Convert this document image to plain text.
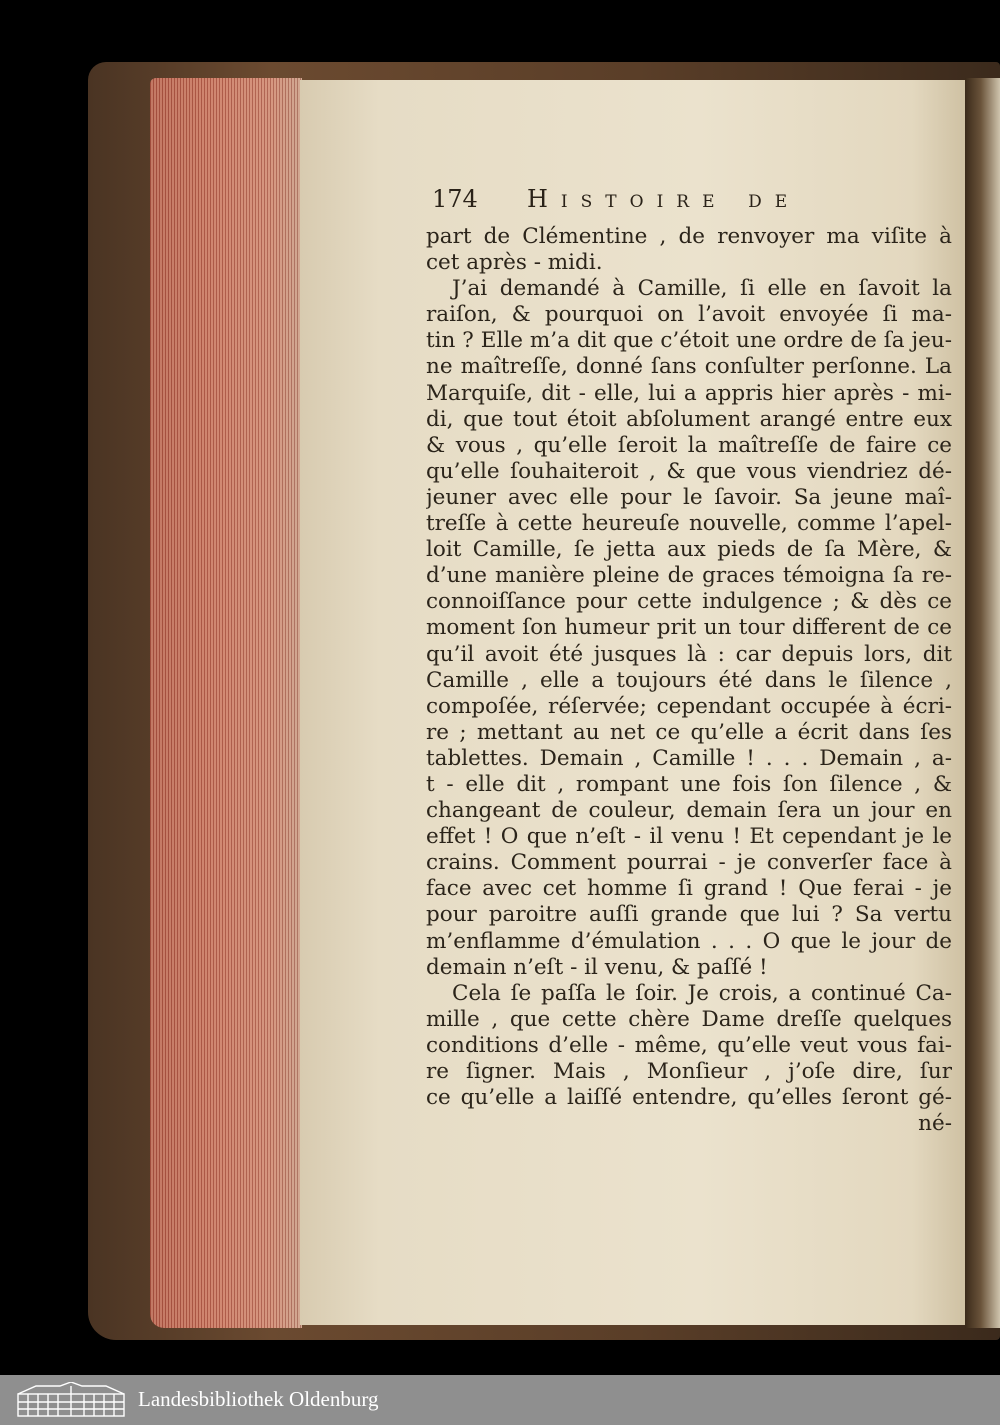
174 Histoire de
part de Clémentine , de renvoyer ma viſite à
cet après - midi.
J’ai demandé à Camille, ſi elle en ſavoit la
raiſon, & pourquoi on l’avoit envoyée ſi ma-
tin ? Elle m’a dit que c’étoit une ordre de ſa jeu-
ne maîtreſſe, donné ſans conſulter perſonne. La
Marquiſe, dit - elle, lui a appris hier après - mi-
di, que tout étoit abſolument arangé entre eux
& vous , qu’elle ſeroit la maîtreſſe de faire ce
qu’elle ſouhaiteroit , & que vous viendriez dé-
jeuner avec elle pour le ſavoir. Sa jeune maî-
treſſe à cette heureuſe nouvelle, comme l’apel-
loit Camille, ſe jetta aux pieds de ſa Mère, &
d’une manière pleine de graces témoigna ſa re-
connoiſſance pour cette indulgence ; & dès ce
moment ſon humeur prit un tour different de ce
qu’il avoit été jusques là : car depuis lors, dit
Camille , elle a toujours été dans le ſilence ,
compoſée, réſervée; cependant occupée à écri-
re ; mettant au net ce qu’elle a écrit dans ſes
tablettes. Demain , Camille ! . . . Demain , a-
t - elle dit , rompant une fois ſon ſilence , &
changeant de couleur, demain ſera un jour en
effet ! O que n’eſt - il venu ! Et cependant je le
crains. Comment pourrai - je converſer face à
face avec cet homme ſi grand ! Que ferai - je
pour paroitre auſſi grande que lui ? Sa vertu
m’enflamme d’émulation . . . O que le jour de
demain n’eſt - il venu, & paſſé !
Cela ſe paſſa le ſoir. Je crois, a continué Ca-
mille , que cette chère Dame dreſſe quelques
conditions d’elle - même, qu’elle veut vous fai-
re ſigner. Mais , Monſieur , j’oſe dire, ſur
ce qu’elle a laiſſé entendre, qu’elles ſeront gé-
né-
Landesbibliothek Oldenburg
